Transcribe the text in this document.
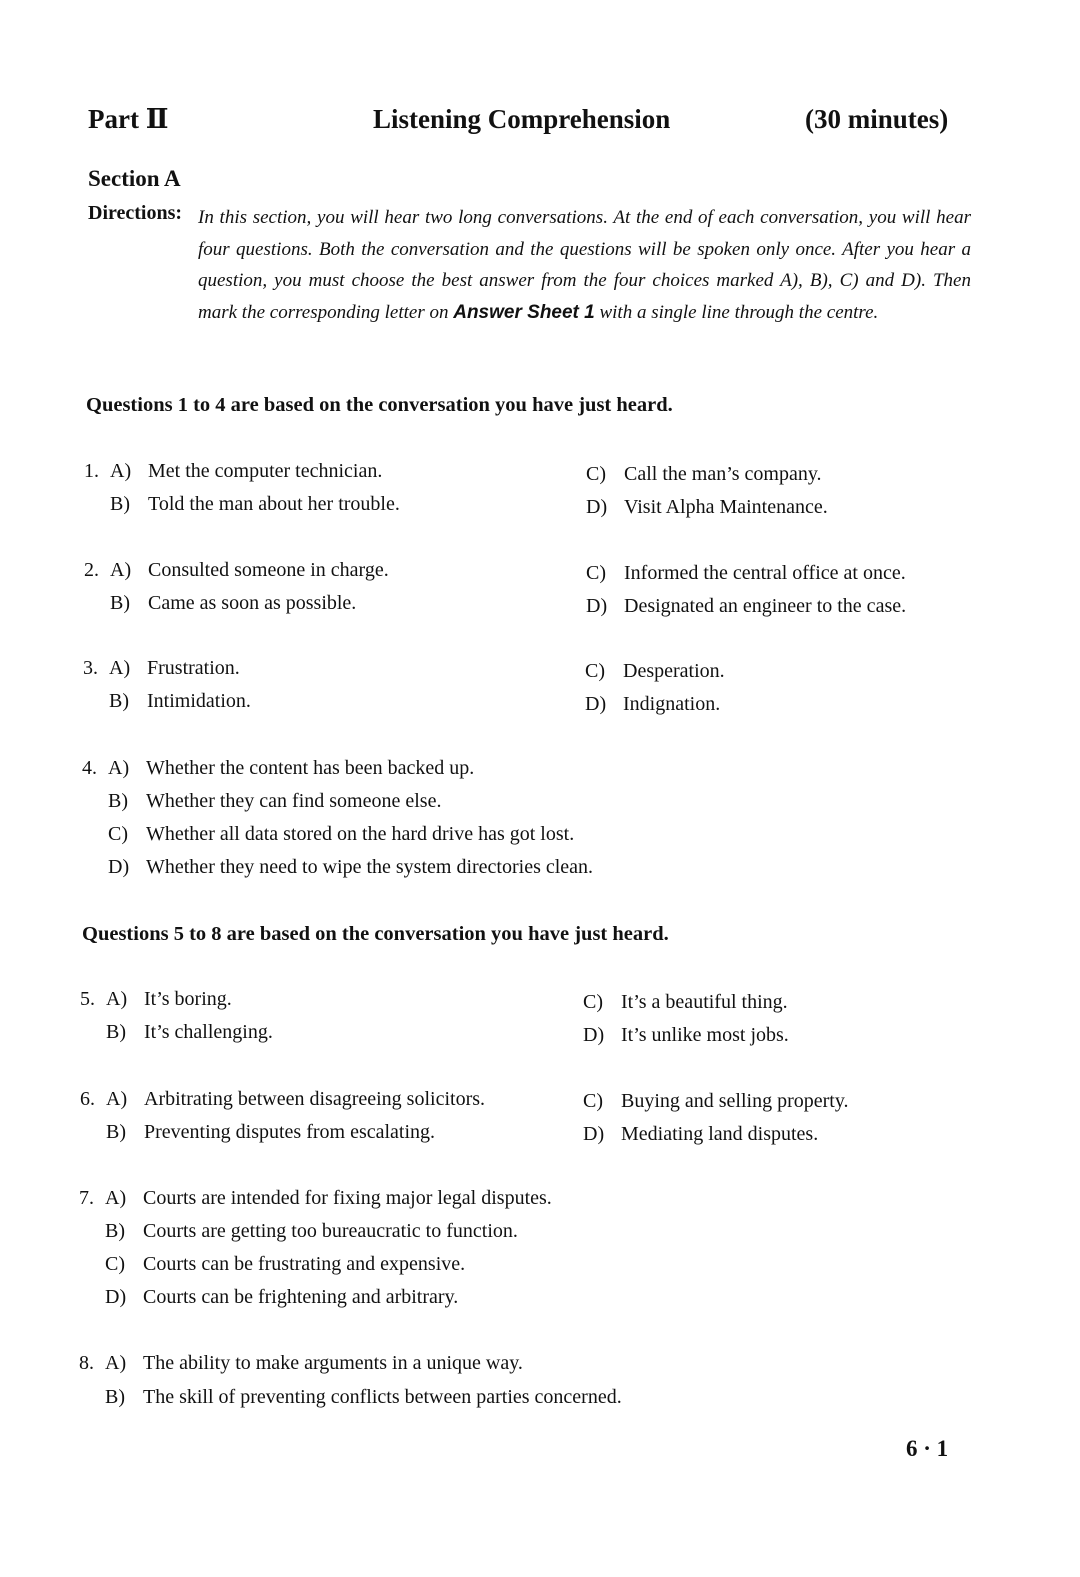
Part Ⅱ	Listening Comprehension	(30 minutes)
Section A
Directions: In this section, you will hear two long conversations. At the end of each conversation, you will hear four questions. Both the conversation and the questions will be spoken only once. After you hear a question, you must choose the best answer from the four choices marked A), B), C) and D). Then mark the corresponding letter on Answer Sheet 1 with a single line through the centre.
Questions 1 to 4 are based on the conversation you have just heard.
1. A) Met the computer technician.
B) Told the man about her trouble.
C) Call the man’s company.
D) Visit Alpha Maintenance.
2. A) Consulted someone in charge.
B) Came as soon as possible.
C) Informed the central office at once.
D) Designated an engineer to the case.
3. A) Frustration.
B) Intimidation.
C) Desperation.
D) Indignation.
4. A) Whether the content has been backed up.
B) Whether they can find someone else.
C) Whether all data stored on the hard drive has got lost.
D) Whether they need to wipe the system directories clean.
Questions 5 to 8 are based on the conversation you have just heard.
5. A) It’s boring.
B) It’s challenging.
C) It’s a beautiful thing.
D) It’s unlike most jobs.
6. A) Arbitrating between disagreeing solicitors.
B) Preventing disputes from escalating.
C) Buying and selling property.
D) Mediating land disputes.
7. A) Courts are intended for fixing major legal disputes.
B) Courts are getting too bureaucratic to function.
C) Courts can be frustrating and expensive.
D) Courts can be frightening and arbitrary.
8. A) The ability to make arguments in a unique way.
B) The skill of preventing conflicts between parties concerned.
6 · 1
